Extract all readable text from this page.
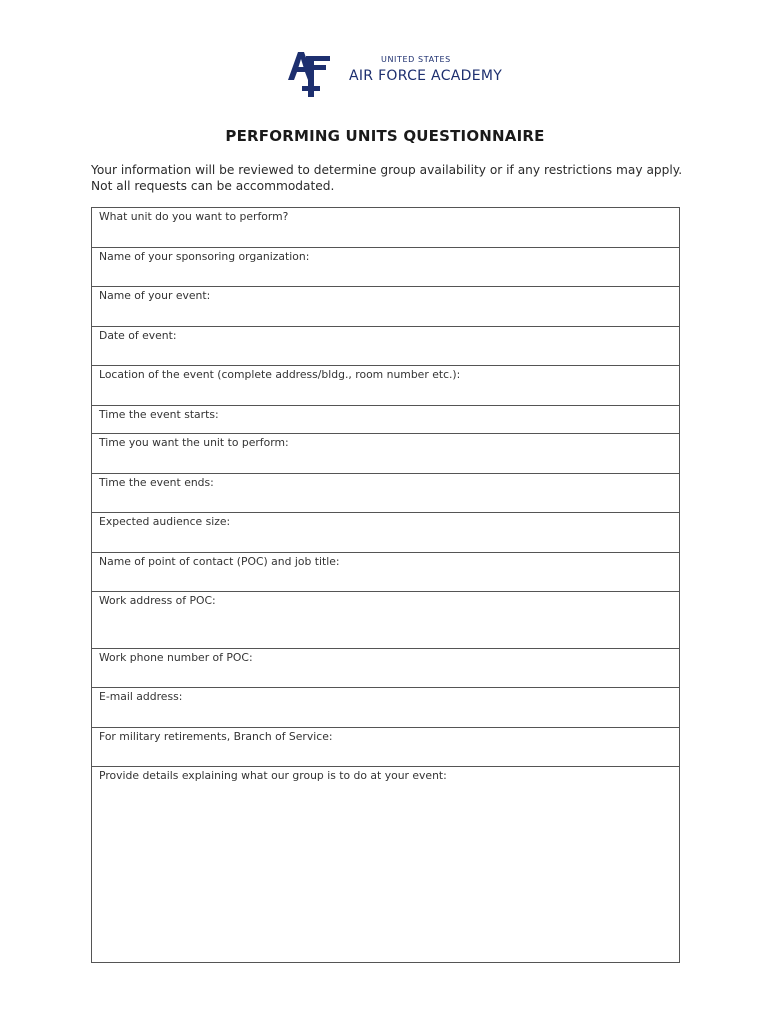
UNITED STATES
AIR FORCE ACADEMY
PERFORMING UNITS QUESTIONNAIRE
Your information will be reviewed to determine group availability or if any restrictions may apply.
Not all requests can be accommodated.
What unit do you want to perform?
Name of your sponsoring organization:
Name of your event:
Date of event:
Location of the event (complete address/bldg., room number etc.):
Time the event starts:
Time you want the unit to perform:
Time the event ends:
Expected audience size:
Name of point of contact (POC) and job title:
Work address of POC:
Work phone number of POC:
E-mail address:
For military retirements, Branch of Service:
Provide details explaining what our group is to do at your event:
